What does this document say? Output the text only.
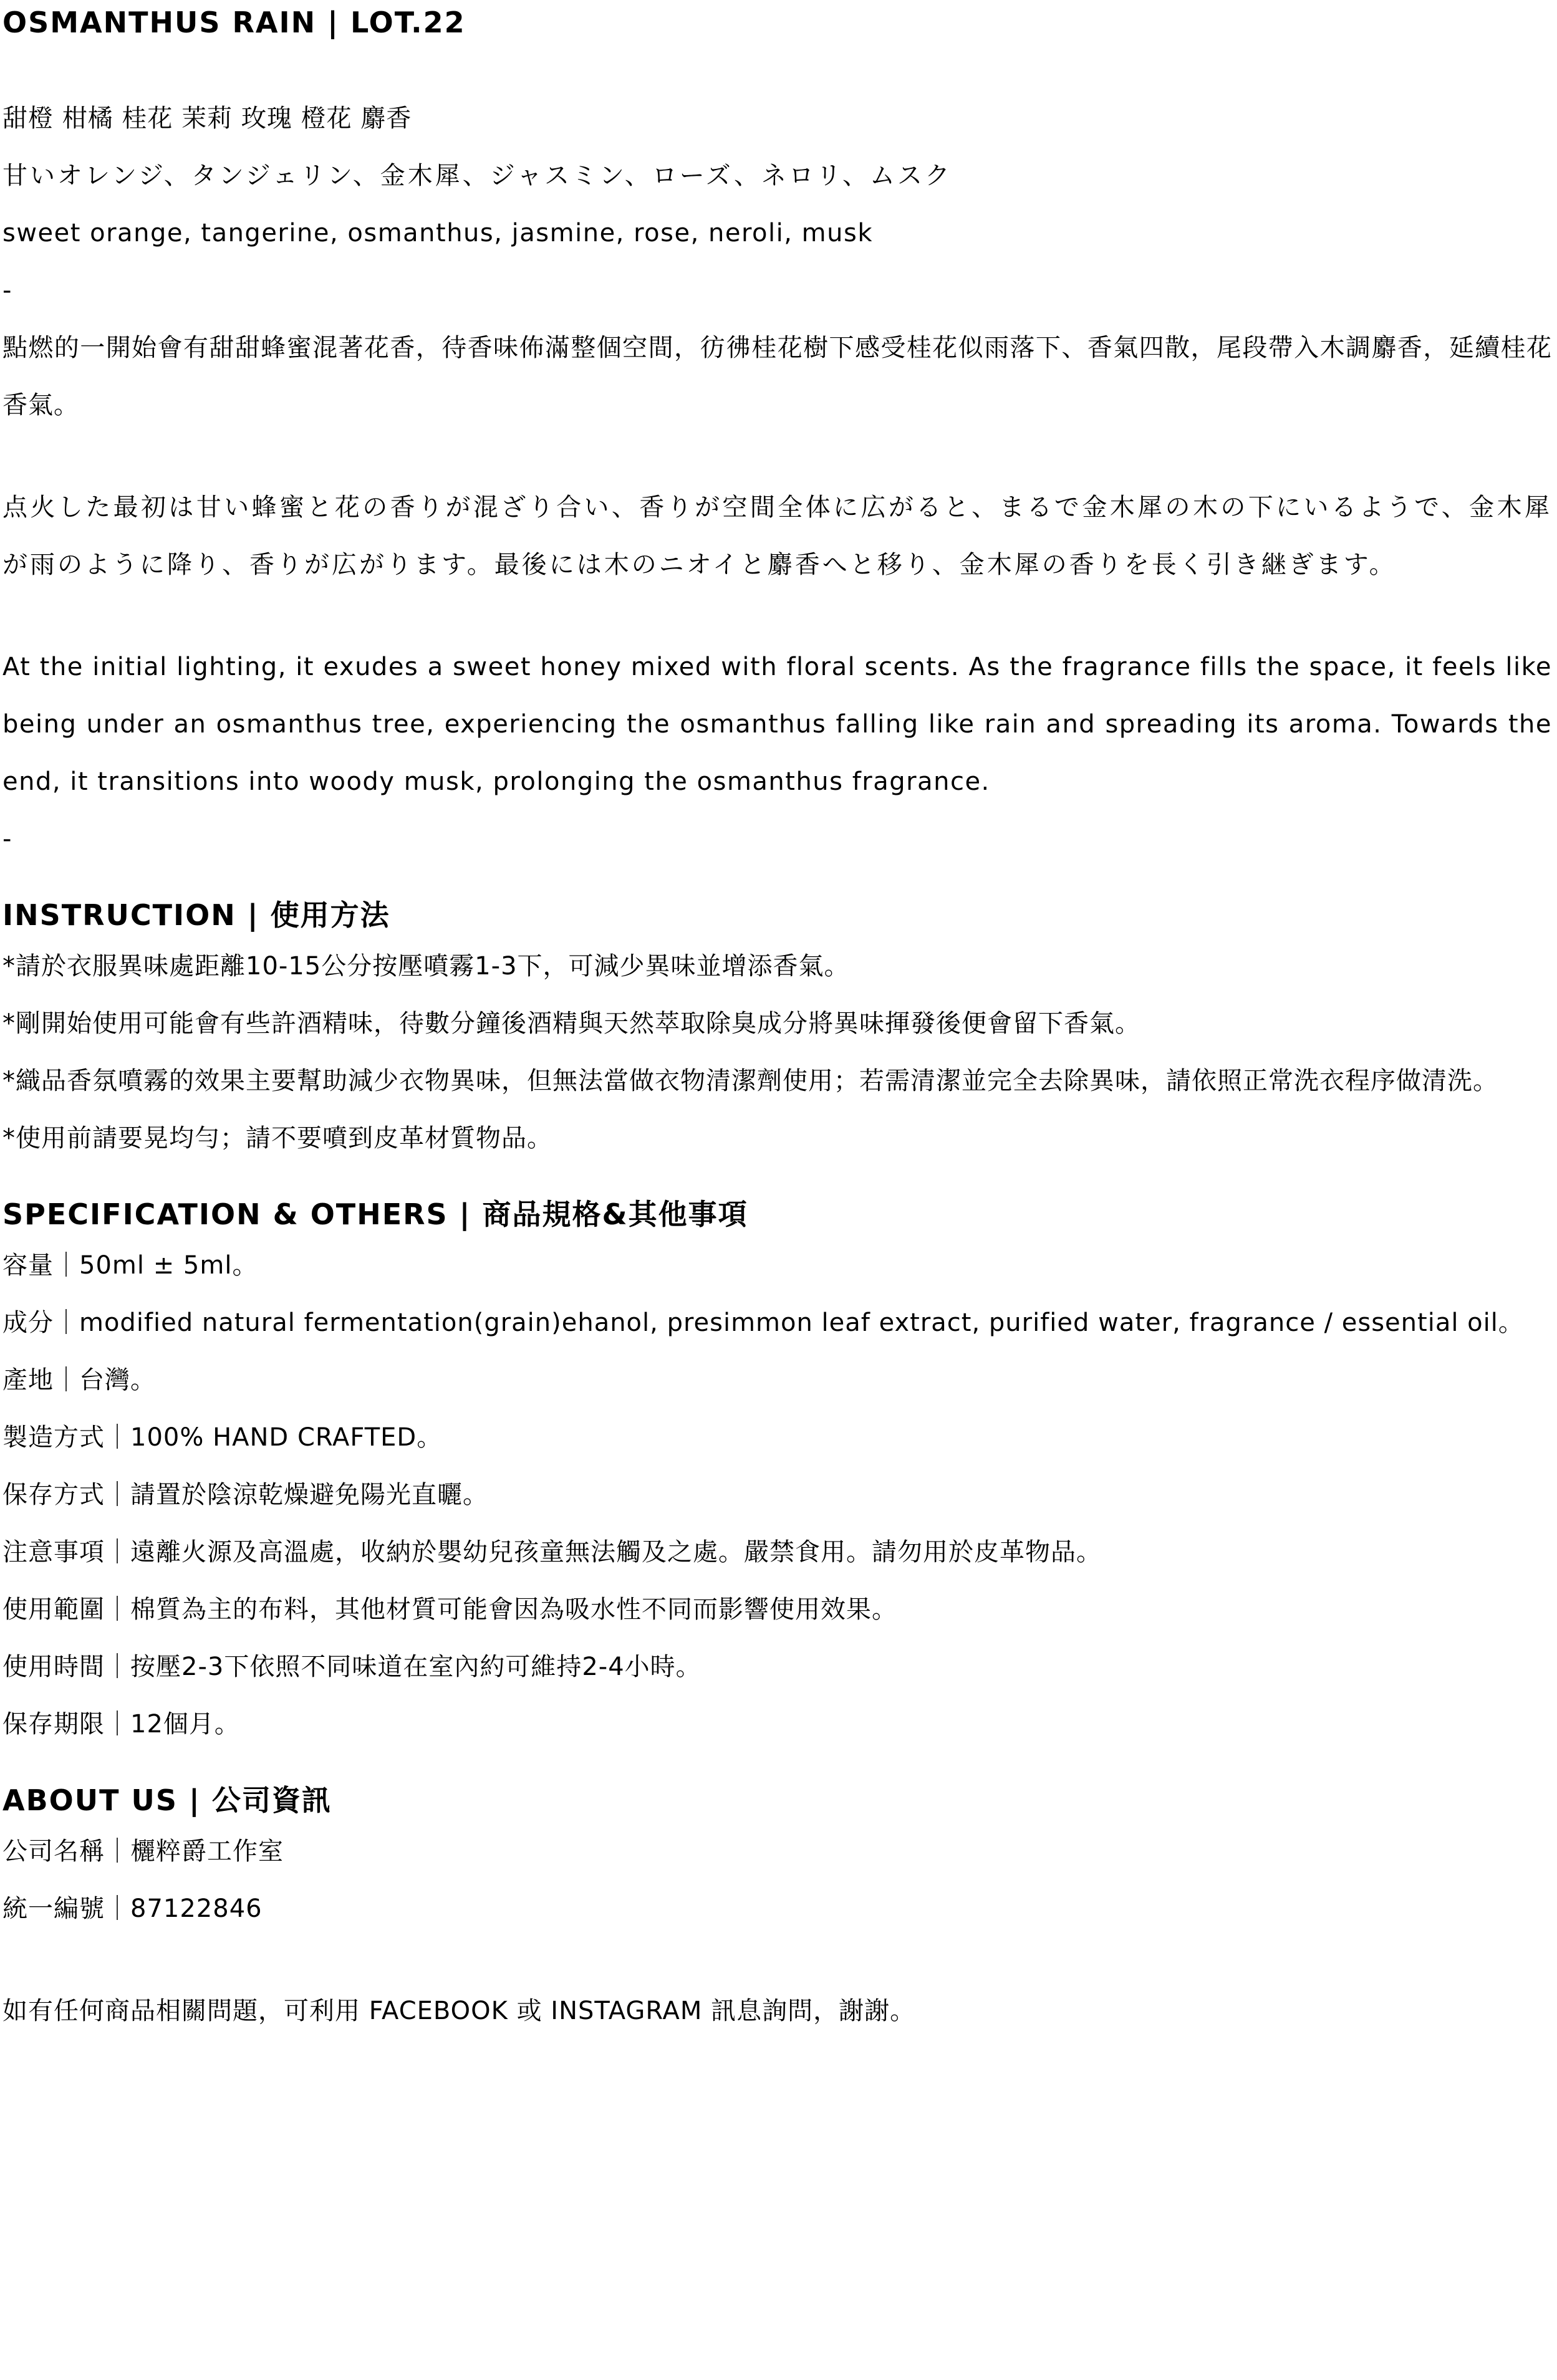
OSMANTHUS RAIN | LOT.22

甜橙 柑橘 桂花 茉莉 玫瑰 橙花 麝香

甘いオレンジ、タンジェリン、金木犀、ジャスミン、ローズ、ネロリ、ムスク

sweet orange, tangerine, osmanthus, jasmine, rose, neroli, musk

-

點燃的一開始會有甜甜蜂蜜混著花香，待香味佈滿整個空間，彷彿桂花樹下感受桂花似雨落下、香氣四散，尾段帶入木調麝香，延續桂花香氣。

点火した最初は甘い蜂蜜と花の香りが混ざり合い、香りが空間全体に広がると、まるで金木犀の木の下にいるようで、金木犀が雨のように降り、香りが広がります。最後には木のニオイと麝香へと移り、金木犀の香りを長く引き継ぎます。

At the initial lighting, it exudes a sweet honey mixed with floral scents. As the fragrance fills the space, it feels like being under an osmanthus tree, experiencing the osmanthus falling like rain and spreading its aroma. Towards the end, it transitions into woody musk, prolonging the osmanthus fragrance.

-

INSTRUCTION | 使用方法

*請於衣服異味處距離10-15公分按壓噴霧1-3下，可減少異味並增添香氣。

*剛開始使用可能會有些許酒精味，待數分鐘後酒精與天然萃取除臭成分將異味揮發後便會留下香氣。

*織品香氛噴霧的效果主要幫助減少衣物異味，但無法當做衣物清潔劑使用；若需清潔並完全去除異味，請依照正常洗衣程序做清洗。

*使用前請要晃均勻；請不要噴到皮革材質物品。

SPECIFICATION & OTHERS | 商品規格&其他事項

容量｜50ml ± 5ml。

成分｜modified natural fermentation(grain)ehanol, presimmon leaf extract, purified water, fragrance / essential oil。

產地｜台灣。

製造方式｜100% HAND CRAFTED。

保存方式｜請置於陰涼乾燥避免陽光直曬。

注意事項｜遠離火源及高溫處，收納於嬰幼兒孩童無法觸及之處。嚴禁食用。請勿用於皮革物品。

使用範圍｜棉質為主的布料，其他材質可能會因為吸水性不同而影響使用效果。

使用時間｜按壓2-3下依照不同味道在室內約可維持2-4小時。

保存期限｜12個月。

ABOUT US | 公司資訊

公司名稱｜欐粹爵工作室

統一編號｜87122846

如有任何商品相關問題，可利用 FACEBOOK 或 INSTAGRAM 訊息詢問，謝謝。
